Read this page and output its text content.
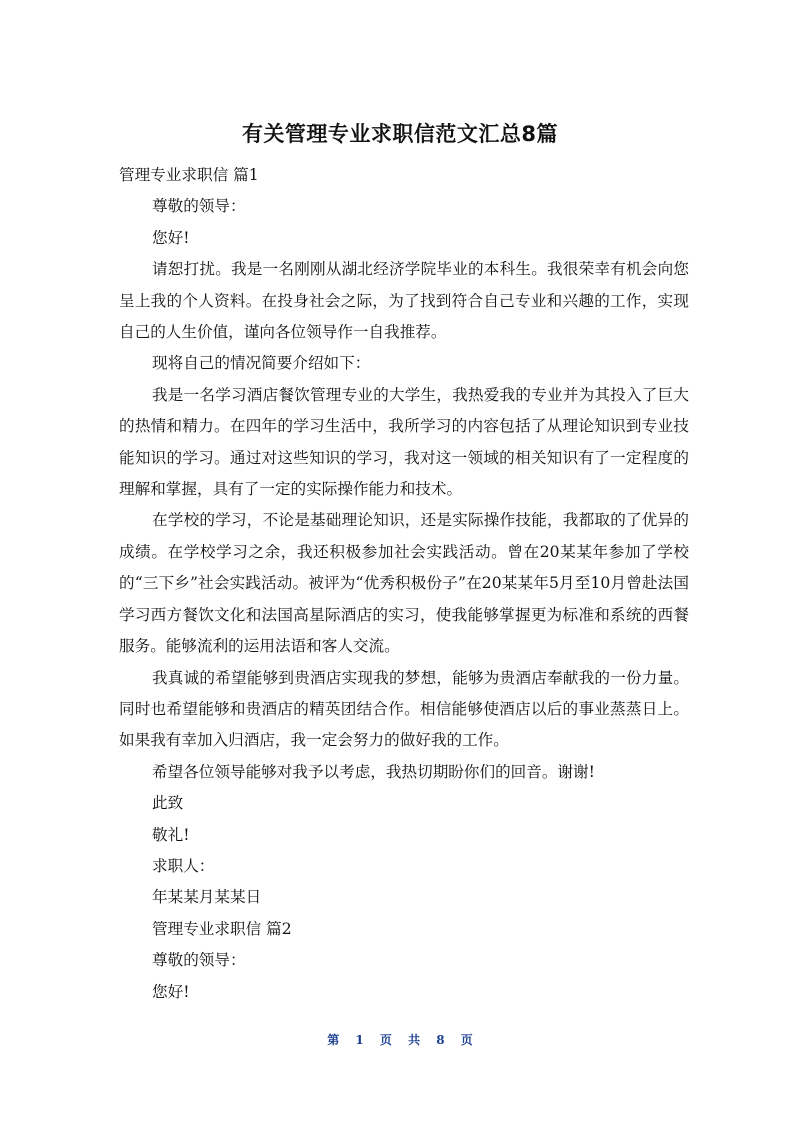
有关管理专业求职信范文汇总8篇

管理专业求职信 篇1

尊敬的领导：

您好!

请恕打扰。我是一名刚刚从湖北经济学院毕业的本科生。我很荣幸有机会向您呈上我的个人资料。在投身社会之际，为了找到符合自己专业和兴趣的工作，实现自己的人生价值，谨向各位领导作一自我推荐。

现将自己的情况简要介绍如下：

我是一名学习酒店餐饮管理专业的大学生，我热爱我的专业并为其投入了巨大的热情和精力。在四年的学习生活中，我所学习的内容包括了从理论知识到专业技能知识的学习。通过对这些知识的学习，我对这一领域的相关知识有了一定程度的理解和掌握，具有了一定的实际操作能力和技术。

在学校的学习，不论是基础理论知识，还是实际操作技能，我都取的了优异的成绩。在学校学习之余，我还积极参加社会实践活动。曾在20某某年参加了学校的“三下乡”社会实践活动。被评为“优秀积极份子”在20某某年5月至10月曾赴法国学习西方餐饮文化和法国高星际酒店的实习，使我能够掌握更为标准和系统的西餐服务。能够流利的运用法语和客人交流。

我真诚的希望能够到贵酒店实现我的梦想，能够为贵酒店奉献我的一份力量。同时也希望能够和贵酒店的精英团结合作。相信能够使酒店以后的事业蒸蒸日上。如果我有幸加入归酒店，我一定会努力的做好我的工作。

希望各位领导能够对我予以考虑，我热切期盼你们的回音。谢谢!

此致

敬礼!

求职人：

年某某月某某日

管理专业求职信 篇2

尊敬的领导：

您好!

第 1 页 共 8 页
